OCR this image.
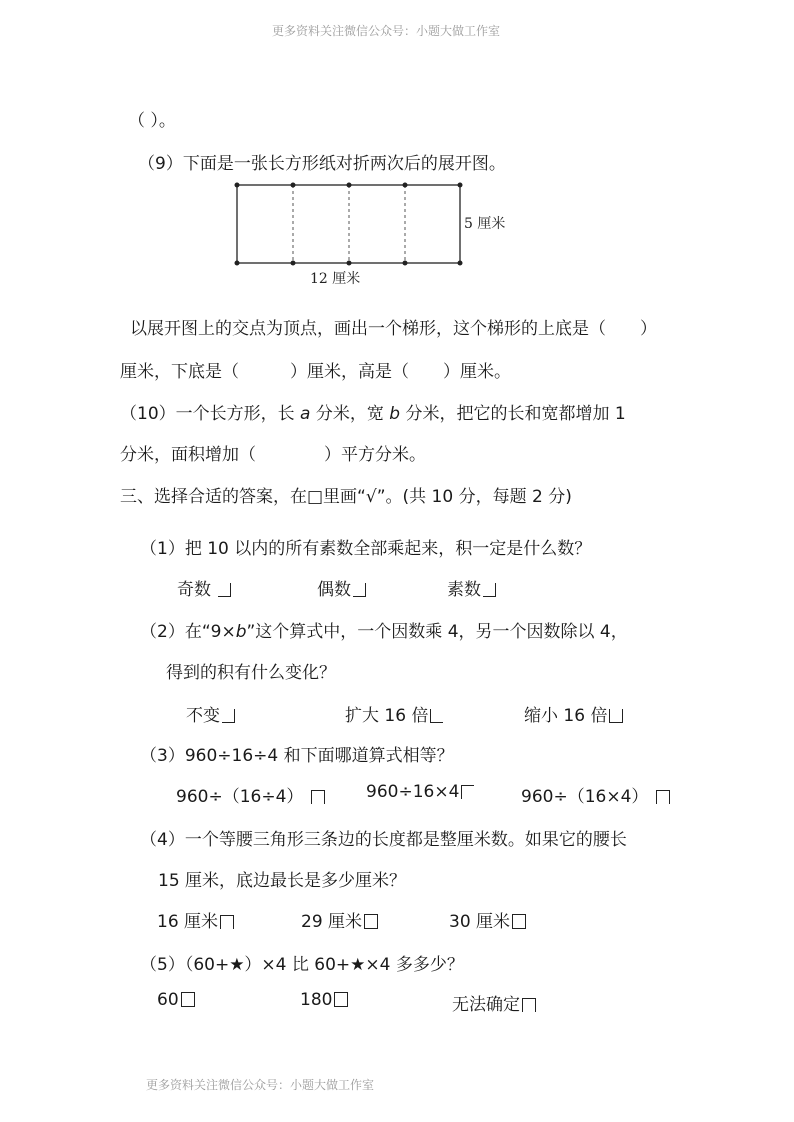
更多资料关注微信公众号：小题大做工作室
（ ）。
（9）下面是一张长方形纸对折两次后的展开图。
5 厘米
12 厘米
以展开图上的交点为顶点，画出一个梯形，这个梯形的上底是（　　）
厘米，下底是（　　　）厘米，高是（　　）厘米。
（10）一个长方形，长 a 分米，宽 b 分米，把它的长和宽都增加 1
分米，面积增加（　　　　）平方分米。
三、选择合适的答案，在□里画“√”。(共 10 分，每题 2 分)
（1）把 10 以内的所有素数全部乘起来，积一定是什么数？
奇数	偶数	素数
（2）在“9×b”这个算式中，一个因数乘 4，另一个因数除以 4，
得到的积有什么变化？
不变	扩大 16 倍	缩小 16 倍
（3）960÷16÷4 和下面哪道算式相等？
960÷（16÷4）	960÷16×4	960÷（16×4）
（4）一个等腰三角形三条边的长度都是整厘米数。如果它的腰长
15 厘米，底边最长是多少厘米？
16 厘米	29 厘米	30 厘米
（5）（60+★）×4 比 60+★×4 多多少？
60	180	无法确定
更多资料关注微信公众号：小题大做工作室
